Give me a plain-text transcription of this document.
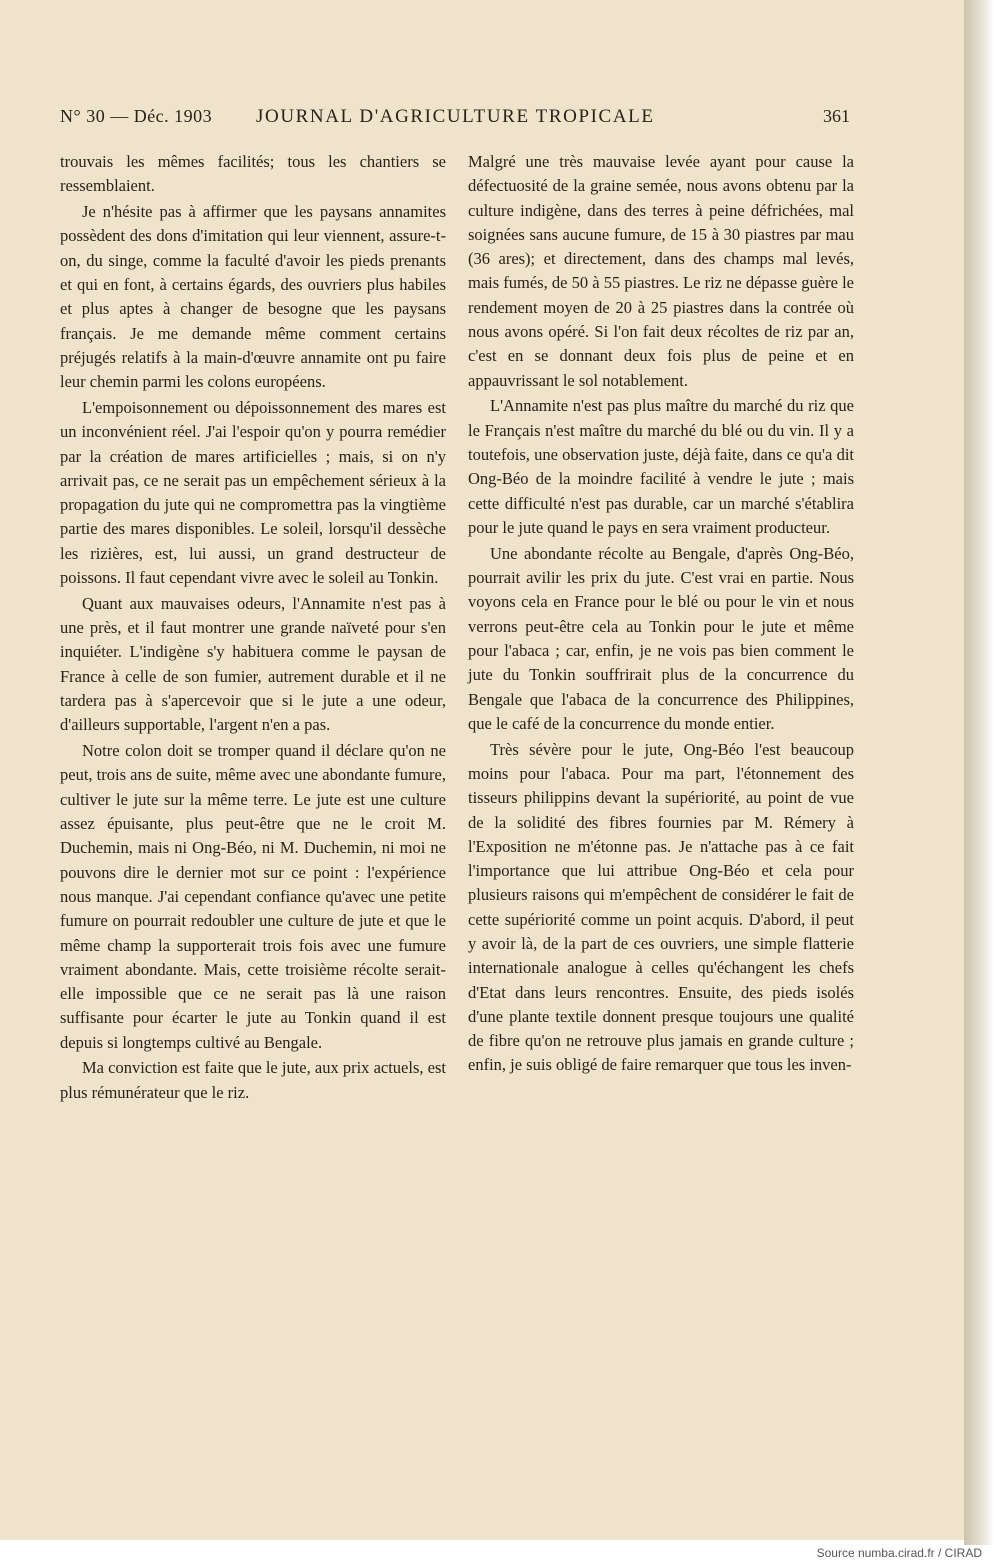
N° 30 — Déc. 1903 JOURNAL D'AGRICULTURE TROPICALE	361

trouvais les mêmes facilités; tous les chantiers se ressemblaient.

Je n'hésite pas à affirmer que les paysans annamites possèdent des dons d'imitation qui leur viennent, assure-t-on, du singe, comme la faculté d'avoir les pieds prenants et qui en font, à certains égards, des ouvriers plus habiles et plus aptes à changer de besogne que les paysans français. Je me demande même comment certains préjugés relatifs à la main-d'œuvre annamite ont pu faire leur chemin parmi les colons européens.

L'empoisonnement ou dépoissonnement des mares est un inconvénient réel. J'ai l'espoir qu'on y pourra remédier par la création de mares artificielles ; mais, si on n'y arrivait pas, ce ne serait pas un empêchement sérieux à la propagation du jute qui ne compromettra pas la vingtième partie des mares disponibles. Le soleil, lorsqu'il dessèche les rizières, est, lui aussi, un grand destructeur de poissons. Il faut cependant vivre avec le soleil au Tonkin.

Quant aux mauvaises odeurs, l'Annamite n'est pas à une près, et il faut montrer une grande naïveté pour s'en inquiéter. L'indigène s'y habituera comme le paysan de France à celle de son fumier, autrement durable et il ne tardera pas à s'apercevoir que si le jute a une odeur, d'ailleurs supportable, l'argent n'en a pas.

Notre colon doit se tromper quand il déclare qu'on ne peut, trois ans de suite, même avec une abondante fumure, cultiver le jute sur la même terre. Le jute est une culture assez épuisante, plus peut-être que ne le croit M. Duchemin, mais ni Ong-Béo, ni M. Duchemin, ni moi ne pouvons dire le dernier mot sur ce point : l'expérience nous manque. J'ai cependant confiance qu'avec une petite fumure on pourrait redoubler une culture de jute et que le même champ la supporterait trois fois avec une fumure vraiment abondante. Mais, cette troisième récolte serait-elle impossible que ce ne serait pas là une raison suffisante pour écarter le jute au Tonkin quand il est depuis si longtemps cultivé au Bengale.

Ma conviction est faite que le jute, aux prix actuels, est plus rémunérateur que le riz.

Malgré une très mauvaise levée ayant pour cause la défectuosité de la graine semée, nous avons obtenu par la culture indigène, dans des terres à peine défrichées, mal soignées sans aucune fumure, de 15 à 30 piastres par mau (36 ares); et directement, dans des champs mal levés, mais fumés, de 50 à 55 piastres. Le riz ne dépasse guère le rendement moyen de 20 à 25 piastres dans la contrée où nous avons opéré. Si l'on fait deux récoltes de riz par an, c'est en se donnant deux fois plus de peine et en appauvrissant le sol notablement.

L'Annamite n'est pas plus maître du marché du riz que le Français n'est maître du marché du blé ou du vin. Il y a toutefois, une observation juste, déjà faite, dans ce qu'a dit Ong-Béo de la moindre facilité à vendre le jute ; mais cette difficulté n'est pas durable, car un marché s'établira pour le jute quand le pays en sera vraiment producteur.

Une abondante récolte au Bengale, d'après Ong-Béo, pourrait avilir les prix du jute. C'est vrai en partie. Nous voyons cela en France pour le blé ou pour le vin et nous verrons peut-être cela au Tonkin pour le jute et même pour l'abaca ; car, enfin, je ne vois pas bien comment le jute du Tonkin souffrirait plus de la concurrence du Bengale que l'abaca de la concurrence des Philippines, que le café de la concurrence du monde entier.

Très sévère pour le jute, Ong-Béo l'est beaucoup moins pour l'abaca. Pour ma part, l'étonnement des tisseurs philippins devant la supériorité, au point de vue de la solidité des fibres fournies par M. Rémery à l'Exposition ne m'étonne pas. Je n'attache pas à ce fait l'importance que lui attribue Ong-Béo et cela pour plusieurs raisons qui m'empêchent de considérer le fait de cette supériorité comme un point acquis. D'abord, il peut y avoir là, de la part de ces ouvriers, une simple flatterie internationale analogue à celles qu'échangent les chefs d'Etat dans leurs rencontres. Ensuite, des pieds isolés d'une plante textile donnent presque toujours une qualité de fibre qu'on ne retrouve plus jamais en grande culture ; enfin, je suis obligé de faire remarquer que tous les inven-

Source numba.cirad.fr / CIRAD
